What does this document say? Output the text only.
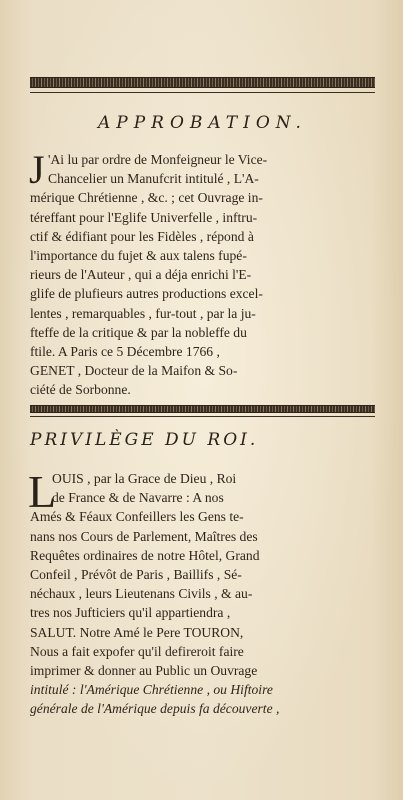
APPROBATION.
J 'Ai lu par ordre de Monfeigneur le Vice-
Chancelier un Manufcrit intitulé , L'A-
mérique Chrétienne , &c. ; cet Ouvrage in-
téreffant pour l'Eglife Univerfelle , inftru-
ctif & édifiant pour les Fidèles , répond à
l'importance du fujet & aux talens fupé-
rieurs de l'Auteur , qui a déja enrichi l'E-
glife de plufieurs autres productions excel-
lentes , remarquables , fur-tout , par la ju-
fteffe de la critique & par la nobleffe du
ftile. A Paris ce 5 Décembre 1766 ,
GENET , Docteur de la Maifon & So-
ciété de Sorbonne.
PRIVILÈGE DU ROI.
L
OUIS , par la Grace de Dieu , Roi
de France & de Navarre : A nos
Amés & Féaux Confeillers les Gens te-
nans nos Cours de Parlement, Maîtres des
Requêtes ordinaires de notre Hôtel, Grand
Confeil , Prévôt de Paris , Baillifs , Sé-
néchaux , leurs Lieutenans Civils , & au-
tres nos Jufticiers qu'il appartiendra ,
SALUT. Notre Amé le Pere TOURON,
Nous a fait expofer qu'il defireroit faire
imprimer & donner au Public un Ouvrage
intitulé : l'Amérique Chrétienne , ou Hiftoire
générale de l'Amérique depuis fa découverte ,
